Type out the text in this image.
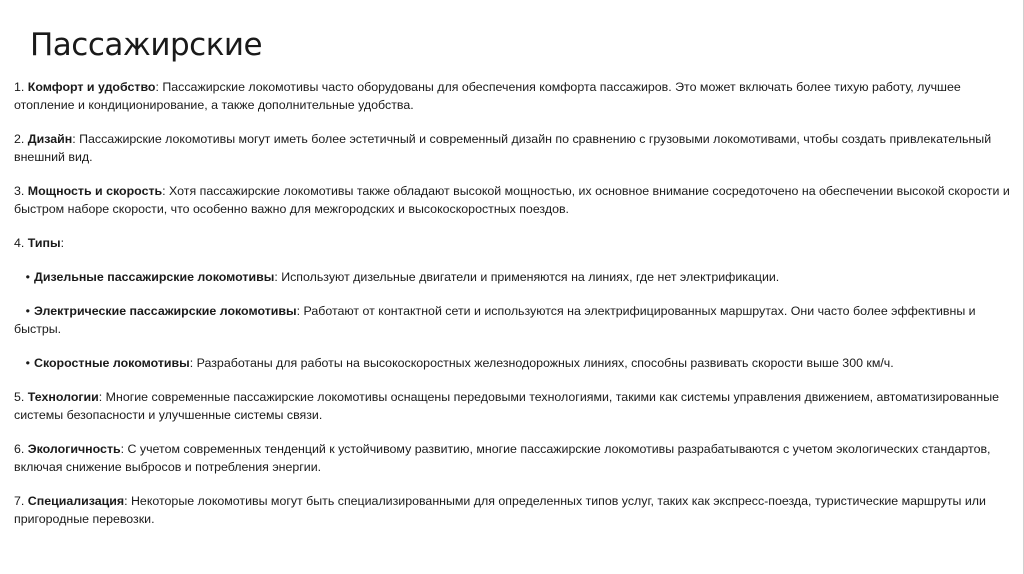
Пассажирские

1. Комфорт и удобство: Пассажирские локомотивы часто оборудованы для обеспечения комфорта пассажиров. Это может включать более тихую работу, лучшее отопление и кондиционирование, а также дополнительные удобства.

2. Дизайн: Пассажирские локомотивы могут иметь более эстетичный и современный дизайн по сравнению с грузовыми локомотивами, чтобы создать привлекательный внешний вид.

3. Мощность и скорость: Хотя пассажирские локомотивы также обладают высокой мощностью, их основное внимание сосредоточено на обеспечении высокой скорости и быстром наборе скорости, что особенно важно для межгородских и высокоскоростных поездов.

4. Типы:

• Дизельные пассажирские локомотивы: Используют дизельные двигатели и применяются на линиях, где нет электрификации.

• Электрические пассажирские локомотивы: Работают от контактной сети и используются на электрифицированных маршрутах. Они часто более эффективны и быстры.

• Скоростные локомотивы: Разработаны для работы на высокоскоростных железнодорожных линиях, способны развивать скорости выше 300 км/ч.

5. Технологии: Многие современные пассажирские локомотивы оснащены передовыми технологиями, такими как системы управления движением, автоматизированные системы безопасности и улучшенные системы связи.

6. Экологичность: С учетом современных тенденций к устойчивому развитию, многие пассажирские локомотивы разрабатываются с учетом экологических стандартов, включая снижение выбросов и потребления энергии.

7. Специализация: Некоторые локомотивы могут быть специализированными для определенных типов услуг, таких как экспресс-поезда, туристические маршруты или пригородные перевозки.
